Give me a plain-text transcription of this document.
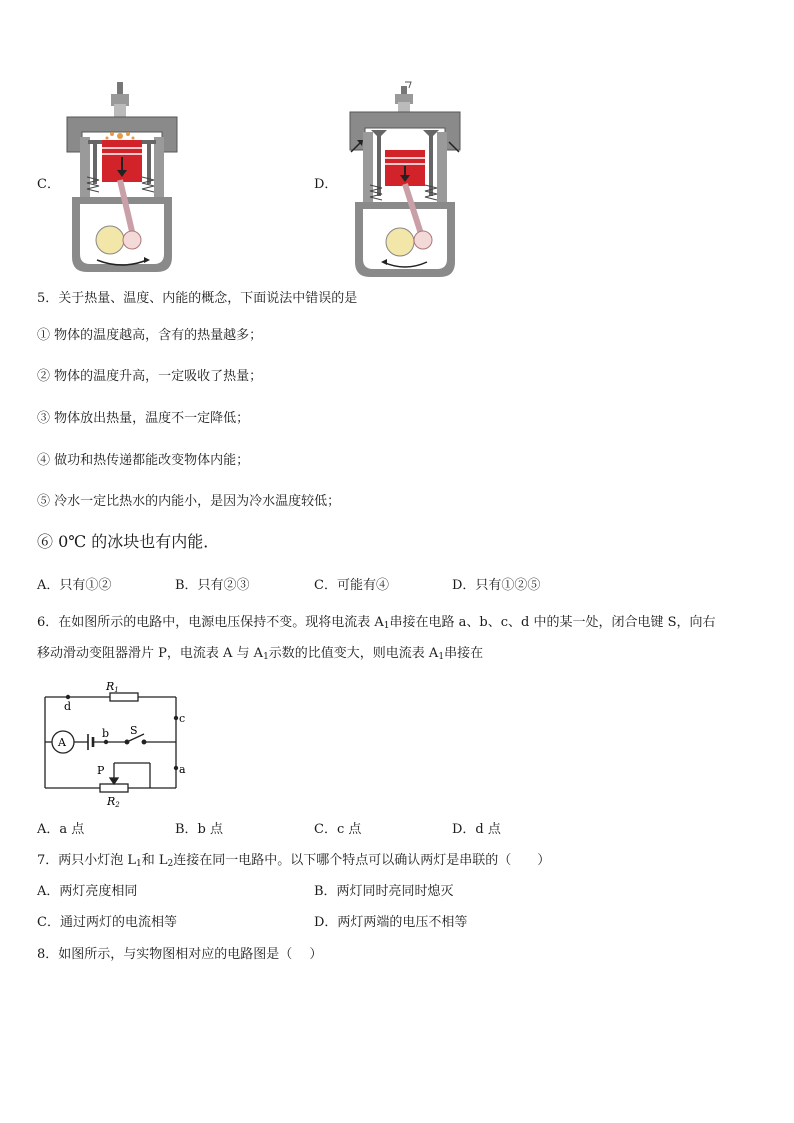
C．	D．
5．关于热量、温度、内能的概念，下面说法中错误的是
① 物体的温度越高，含有的热量越多；
② 物体的温度升高，一定吸收了热量；
③ 物体放出热量，温度不一定降低；
④ 做功和热传递都能改变物体内能；
⑤ 冷水一定比热水的内能小，是因为冷水温度较低；
⑥ 0℃ 的冰块也有内能．
A．只有①②	B．只有②③	C．可能有④	D．只有①②⑤
6．在如图所示的电路中，电源电压保持不变。现将电流表 $A_1$串接在电路 a、b、c、d 中的某一处，闭合电键 S，向右
移动滑动变阻器滑片 P，电流表 A 与 $A_1$示数的比值变大，则电流表 $A_1$串接在
R1
R2
A
S
P	a
b
c
d
A．a 点	B．b 点	C．c 点	D．d 点
7．两只小灯泡 $L_1$和 $L_2$连接在同一电路中。以下哪个特点可以确认两灯是串联的（　　）
A．两灯亮度相同	B．两灯同时亮同时熄灭
C．通过两灯的电流相等	D．两灯两端的电压不相等
8．如图所示，与实物图相对应的电路图是（　 ）
